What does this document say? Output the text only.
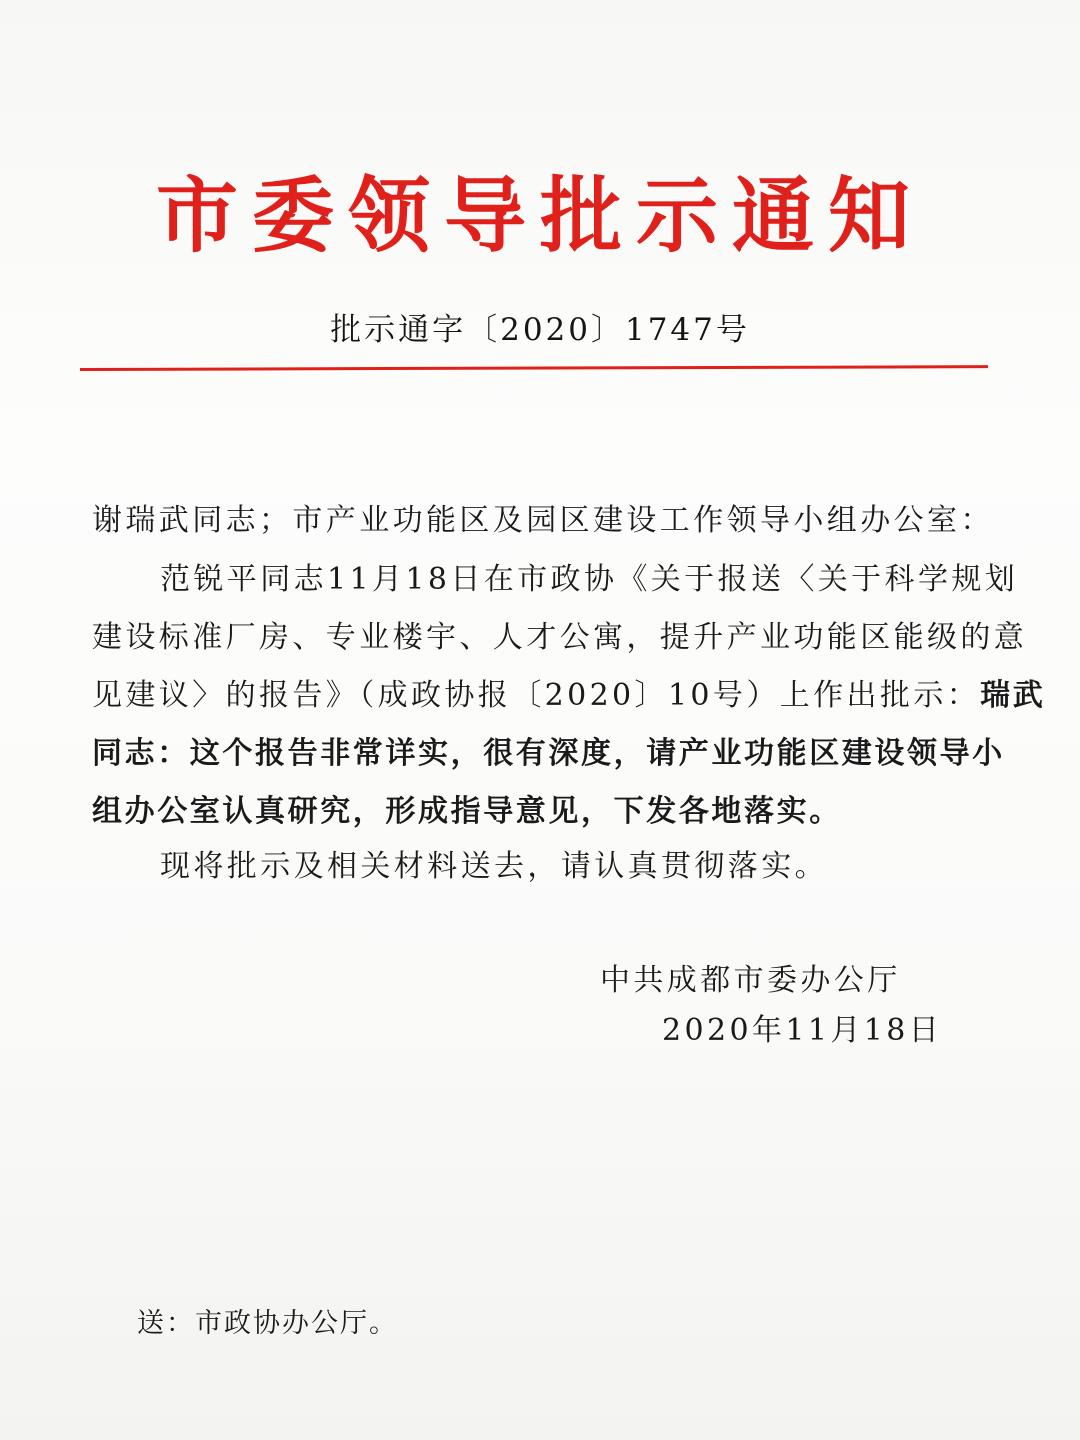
市委领导批示通知
批示通字〔2020〕1747号
谢瑞武同志；市产业功能区及园区建设工作领导小组办公室：
范锐平同志11月18日在市政协《关于报送〈关于科学规划
建设标准厂房、专业楼宇、人才公寓，提升产业功能区能级的意
见建议〉的报告》（成政协报〔2020〕10号）上作出批示：瑞武
同志：这个报告非常详实，很有深度，请产业功能区建设领导小
组办公室认真研究，形成指导意见，下发各地落实。
现将批示及相关材料送去，请认真贯彻落实。
中共成都市委办公厅
2020年11月18日
送：市政协办公厅。
